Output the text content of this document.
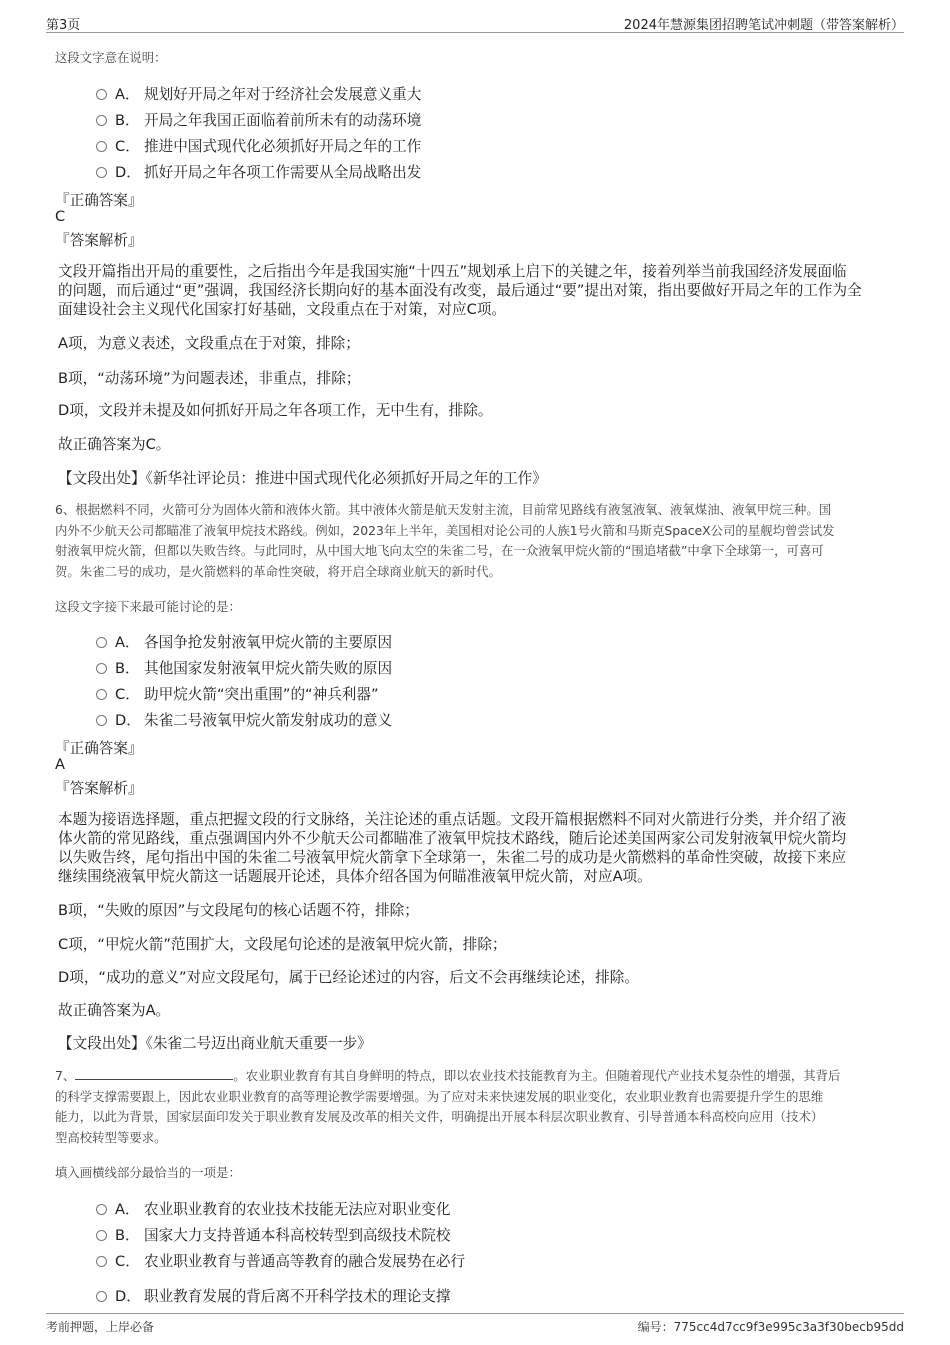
第3页	2024年慧源集团招聘笔试冲刺题（带答案解析）
这段文字意在说明：
A． 规划好开局之年对于经济社会发展意义重大
B． 开局之年我国正面临着前所未有的动荡环境
C． 推进中国式现代化必须抓好开局之年的工作
D． 抓好开局之年各项工作需要从全局战略出发
『正确答案』
C
『答案解析』
文段开篇指出开局的重要性，之后指出今年是我国实施“十四五”规划承上启下的关键之年，接着列举当前我国经济发展面临
的问题，而后通过“更”强调，我国经济长期向好的基本面没有改变，最后通过“要”提出对策，指出要做好开局之年的工作为全
面建设社会主义现代化国家打好基础，文段重点在于对策，对应C项。
A项，为意义表述，文段重点在于对策，排除；
B项，“动荡环境”为问题表述，非重点，排除；
D项，文段并未提及如何抓好开局之年各项工作，无中生有，排除。
故正确答案为C。
【文段出处】《新华社评论员：推进中国式现代化必须抓好开局之年的工作》
6、根据燃料不同，火箭可分为固体火箭和液体火箭。其中液体火箭是航天发射主流，目前常见路线有液氢液氧、液氧煤油、液氧甲烷三种。国
内外不少航天公司都瞄准了液氧甲烷技术路线。例如，2023年上半年，美国相对论公司的人族1号火箭和马斯克SpaceX公司的星舰均曾尝试发
射液氧甲烷火箭，但都以失败告终。与此同时，从中国大地飞向太空的朱雀二号，在一众液氧甲烷火箭的“围追堵截”中拿下全球第一，可喜可
贺。朱雀二号的成功，是火箭燃料的革命性突破，将开启全球商业航天的新时代。
这段文字接下来最可能讨论的是：
A． 各国争抢发射液氧甲烷火箭的主要原因
B． 其他国家发射液氧甲烷火箭失败的原因
C． 助甲烷火箭“突出重围”的“神兵利器”
D． 朱雀二号液氧甲烷火箭发射成功的意义
『正确答案』
A
『答案解析』
本题为接语选择题，重点把握文段的行文脉络，关注论述的重点话题。文段开篇根据燃料不同对火箭进行分类，并介绍了液
体火箭的常见路线，重点强调国内外不少航天公司都瞄准了液氧甲烷技术路线，随后论述美国两家公司发射液氧甲烷火箭均
以失败告终，尾句指出中国的朱雀二号液氧甲烷火箭拿下全球第一，朱雀二号的成功是火箭燃料的革命性突破，故接下来应
继续围绕液氧甲烷火箭这一话题展开论述，具体介绍各国为何瞄准液氧甲烷火箭，对应A项。
B项，“失败的原因”与文段尾句的核心话题不符，排除；
C项，“甲烷火箭”范围扩大，文段尾句论述的是液氧甲烷火箭，排除；
D项，“成功的意义”对应文段尾句，属于已经论述过的内容，后文不会再继续论述，排除。
故正确答案为A。
【文段出处】《朱雀二号迈出商业航天重要一步》
7、	。农业职业教育有其自身鲜明的特点，即以农业技术技能教育为主。但随着现代产业技术复杂性的增强，其背后
的科学支撑需要跟上，因此农业职业教育的高等理论教学需要增强。为了应对未来快速发展的职业变化，农业职业教育也需要提升学生的思维
能力，以此为背景，国家层面印发关于职业教育发展及改革的相关文件，明确提出开展本科层次职业教育、引导普通本科高校向应用（技术）
型高校转型等要求。
填入画横线部分最恰当的一项是：
A． 农业职业教育的农业技术技能无法应对职业变化
B． 国家大力支持普通本科高校转型到高级技术院校
C． 农业职业教育与普通高等教育的融合发展势在必行
D． 职业教育发展的背后离不开科学技术的理论支撑
考前押题，上岸必备	编号：775cc4d7cc9f3e995c3a3f30becb95dd
